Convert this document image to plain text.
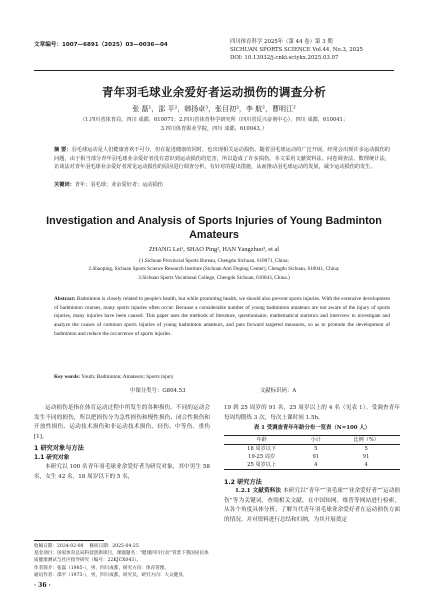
文章编号：1007—6891（2025）03—0036—04	四川体育科学 2025年（第 44 卷）第 3 期
SICHUAN SPORTS SCIENCE Vol.44, No.3, 2025
DOI: 10.13932/j.cnki.sctykx.2025.03.07
青年羽毛球业余爱好者运动损伤的调查分析
张 磊¹，邵 平²，韩扬卓³，张目初²，李 航²，曹明江²
（1.四川省体育局，四川 成都，610071；2.四川省体育科学研究所（四川省反兴奋剂中心），四川 成都，610041；
3.四川体育职业学院，四川 成都，610043。）
摘 要：羽毛球运动是人们健康喜欢不可分，但在促进健康的同时，也出现相关运动损伤。随着羽毛球运动的广泛开展，经常会出现许多运动损伤的问题，由于相当部分青年羽毛球业余爱好者没有意识到运动损伤的危害，所以造成了许多损伤。本文采用文献资料法、问卷调查法、数理统计法，访谈法对青年羽毛球业余爱好者常见运动损伤的原因进行调查分析，有针对的提出措施，从而推动羽毛球运动的发展，减少运动损伤的发生。
关键词：青年；羽毛球；业余爱好者；运动损伤
Investigation and Analysis of Sports Injuries of Young Badminton Amateurs
ZHANG Lei¹, SHAO Ping², HAN Yangzhuo³, et al
(1.Sichuan Provincial Sports Bureau, Chengdu Sichuan, 610071, China;
2.Shaoping, Sichuan Sports Science Research Institute (Sichuan Anti Doping Center), Chengdu Sichuan, 610041, China;
3.Sichuan Sports Vocational College, Chengdu Sichuan, 610043, China.)
Abstract: Badminton is closely related to people's health, but while promoting health, we should also prevent sports injuries. With the extensive development of badminton courses, many sports injuries often occur. Because a considerable number of young badminton amateurs are not aware of the injury of sports injuries, many injuries have been caused. This paper uses the methods of literature, questionnaire, mathematical statistics and interview to investigate and analyze the causes of common sports injuries of young badminton amateurs, and puts forward targeted measures, so as to promote the development of badminton and reduce the occurrence of sports injuries.
Key words: Youth; Badminton; Amateurs; Sports injury
中图分类号：G804.53	文献标识码：A

运动损伤是指在体育运动过程中所发生的各种损伤。不同的运动会发生不同的损伤，所以把损伤分为急性损伤和慢性损伤、闭合性损伤和开放性损伤、运动技术损伤和非运动技术损伤、轻伤、中等伤、重伤[1]。

1 研究对象与方法

1.1 研究对象

本研究以 100 名青年羽毛球业余爱好者为研究对象，其中男生 58 名，女生 42 名，18 周岁以下的 5 名，

19 到 25 周岁的 91 名，25 周岁以上的 4 名（见表 1）。受调查青年每周均锻炼 3 次，每次上课时间 1.5h。

表 1 受调查青年年龄分布一览表（N=100 人）
年龄	小计	比例（%）
18 周岁以下	5	5
19-25 周岁	91	91
25 周岁以上	4	4

1.2 研究方法

1.2.1 文献资料法 本研究以“青年”“羽毛球”“业余爱好者”“运动损伤”等为关键词，查阅相关文献，在中国知网、维普等网站进行检索，从各个角度具体分析，了解当代青年羽毛球业余爱好者在运动损伤方面的情况。并对资料进行总结和归纳，为其开展奠定

收稿日期：2024-02-08 修回日期：2025-04-25
基金项目：国家体育总局科技创新项目，课题题名：“健康四川行动”背景下我国居民体质健康测试与社区指导研究（编号：22KJCX043）。
作者简介：张磊（1985-），男，四川成都，研究方向：体育管理。
通讯作者：邵平（1973-），男，四川成都，研究员，研究方向：大众健身。
· 36 ·
